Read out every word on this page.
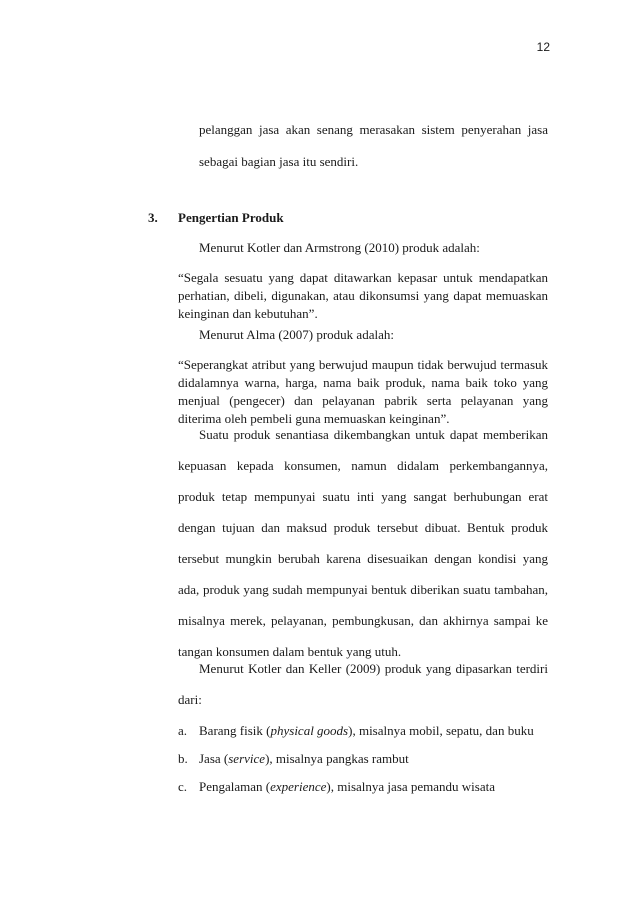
12
pelanggan jasa akan senang merasakan sistem penyerahan jasa
sebagai bagian jasa itu sendiri.
3.	Pengertian Produk
Menurut Kotler dan Armstrong (2010) produk adalah:
“Segala sesuatu yang dapat ditawarkan kepasar untuk mendapatkan
perhatian, dibeli, digunakan, atau dikonsumsi yang dapat memuaskan
keinginan dan kebutuhan”.
Menurut Alma (2007) produk adalah:
“Seperangkat atribut yang berwujud maupun tidak berwujud termasuk
didalamnya warna, harga, nama baik produk, nama baik toko yang
menjual (pengecer) dan pelayanan pabrik serta pelayanan yang
diterima oleh pembeli guna memuaskan keinginan”.
Suatu produk senantiasa dikembangkan untuk dapat memberikan
kepuasan kepada konsumen, namun didalam perkembangannya,
produk tetap mempunyai suatu inti yang sangat berhubungan erat
dengan tujuan dan maksud produk tersebut dibuat. Bentuk produk
tersebut mungkin berubah karena disesuaikan dengan kondisi yang
ada, produk yang sudah mempunyai bentuk diberikan suatu tambahan,
misalnya merek, pelayanan, pembungkusan, dan akhirnya sampai ke
tangan konsumen dalam bentuk yang utuh.
Menurut Kotler dan Keller (2009) produk yang dipasarkan terdiri
dari:
a. Barang fisik (physical goods), misalnya mobil, sepatu, dan buku
b. Jasa (service), misalnya pangkas rambut
c. Pengalaman (experience), misalnya jasa pemandu wisata
